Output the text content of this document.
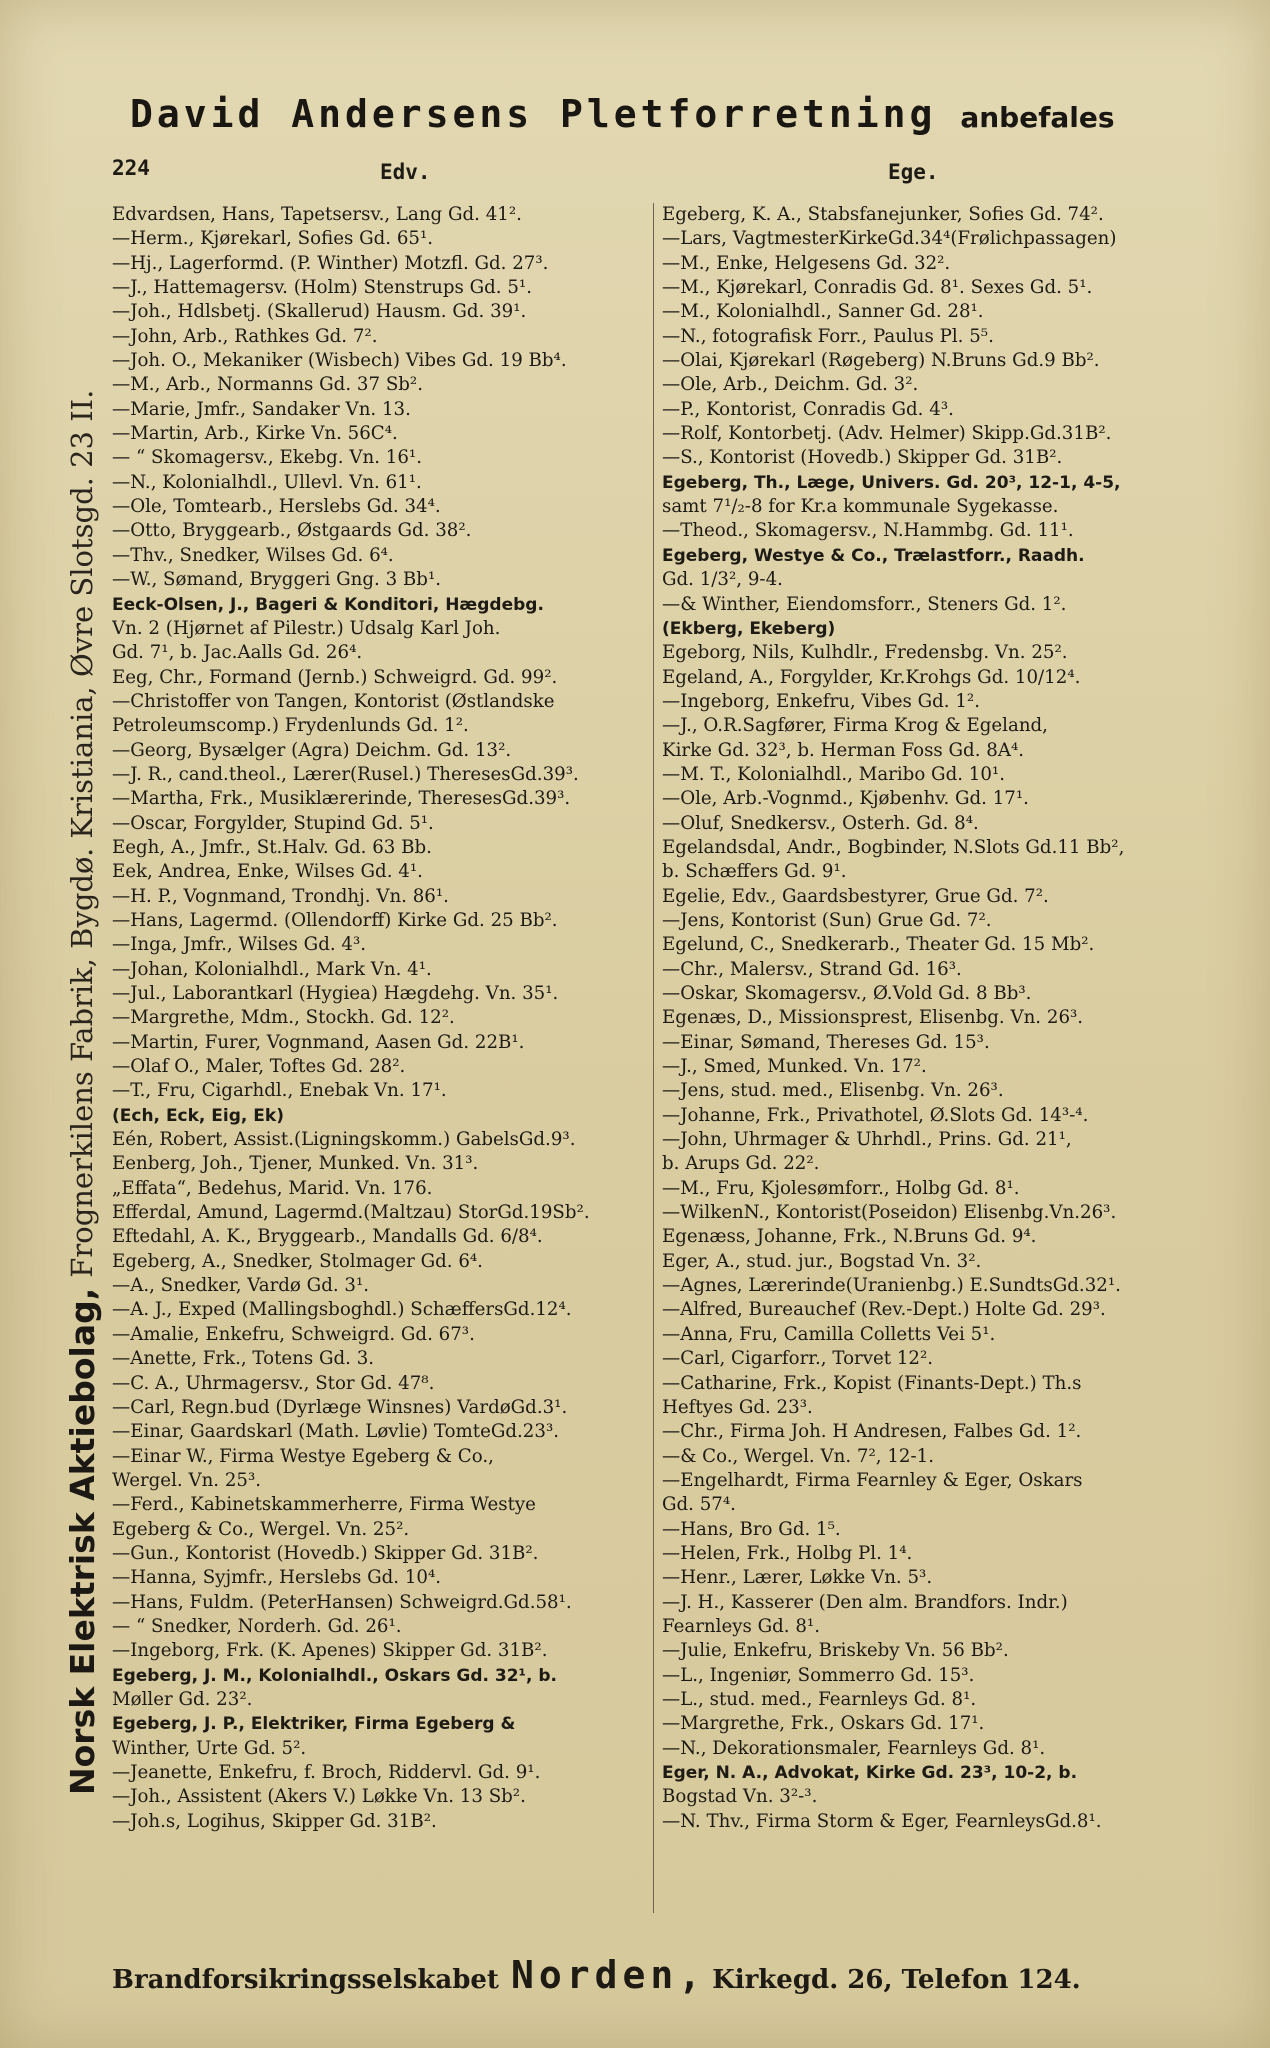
David Andersens Pletforretning anbefales
224	Edv.	Ege.
Norsk Elektrisk Aktiebolag,
Frognerkilens Fabrik, Bygdø. Kristiania, Øvre Slotsgd. 23 II.
Edvardsen, Hans, Tapetsersv., Lang Gd. 41².
—Herm., Kjørekarl, Sofies Gd. 65¹.
—Hj., Lagerformd. (P. Winther) Motzfl. Gd. 27³.
—J., Hattemagersv. (Holm) Stenstrups Gd. 5¹.
—Joh., Hdlsbetj. (Skallerud) Hausm. Gd. 39¹.
—John, Arb., Rathkes Gd. 7².
—Joh. O., Mekaniker (Wisbech) Vibes Gd. 19 Bb⁴.
—M., Arb., Normanns Gd. 37 Sb².
—Marie, Jmfr., Sandaker Vn. 13.
—Martin, Arb., Kirke Vn. 56C⁴.
— “ Skomagersv., Ekebg. Vn. 16¹.
—N., Kolonialhdl., Ullevl. Vn. 61¹.
—Ole, Tomtearb., Herslebs Gd. 34⁴.
—Otto, Bryggearb., Østgaards Gd. 38².
—Thv., Snedker, Wilses Gd. 6⁴.
—W., Sømand, Bryggeri Gng. 3 Bb¹.
Eeck-Olsen, J., Bageri & Konditori, Hægdebg.
Vn. 2 (Hjørnet af Pilestr.) Udsalg Karl Joh.
Gd. 7¹, b. Jac.Aalls Gd. 26⁴.
Eeg, Chr., Formand (Jernb.) Schweigrd. Gd. 99².
—Christoffer von Tangen, Kontorist (Østlandske
Petroleumscomp.) Frydenlunds Gd. 1².
—Georg, Bysælger (Agra) Deichm. Gd. 13².
—J. R., cand.theol., Lærer(Rusel.) TheresesGd.39³.
—Martha, Frk., Musiklærerinde, TheresesGd.39³.
—Oscar, Forgylder, Stupind Gd. 5¹.
Eegh, A., Jmfr., St.Halv. Gd. 63 Bb.
Eek, Andrea, Enke, Wilses Gd. 4¹.
—H. P., Vognmand, Trondhj. Vn. 86¹.
—Hans, Lagermd. (Ollendorff) Kirke Gd. 25 Bb².
—Inga, Jmfr., Wilses Gd. 4³.
—Johan, Kolonialhdl., Mark Vn. 4¹.
—Jul., Laborantkarl (Hygiea) Hægdehg. Vn. 35¹.
—Margrethe, Mdm., Stockh. Gd. 12².
—Martin, Furer, Vognmand, Aasen Gd. 22B¹.
—Olaf O., Maler, Toftes Gd. 28².
—T., Fru, Cigarhdl., Enebak Vn. 17¹.
(Ech, Eck, Eig, Ek)
Eén, Robert, Assist.(Ligningskomm.) GabelsGd.9³.
Eenberg, Joh., Tjener, Munked. Vn. 31³.
„Effata“, Bedehus, Marid. Vn. 176.
Efferdal, Amund, Lagermd.(Maltzau) StorGd.19Sb².
Eftedahl, A. K., Bryggearb., Mandalls Gd. 6/8⁴.
Egeberg, A., Snedker, Stolmager Gd. 6⁴.
—A., Snedker, Vardø Gd. 3¹.
—A. J., Exped (Mallingsboghdl.) SchæffersGd.12⁴.
—Amalie, Enkefru, Schweigrd. Gd. 67³.
—Anette, Frk., Totens Gd. 3.
—C. A., Uhrmagersv., Stor Gd. 47⁸.
—Carl, Regn.bud (Dyrlæge Winsnes) VardøGd.3¹.
—Einar, Gaardskarl (Math. Løvlie) TomteGd.23³.
—Einar W., Firma Westye Egeberg & Co.,
Wergel. Vn. 25³.
—Ferd., Kabinetskammerherre, Firma Westye
Egeberg & Co., Wergel. Vn. 25².
—Gun., Kontorist (Hovedb.) Skipper Gd. 31B².
—Hanna, Syjmfr., Herslebs Gd. 10⁴.
—Hans, Fuldm. (PeterHansen) Schweigrd.Gd.58¹.
— “ Snedker, Norderh. Gd. 26¹.
—Ingeborg, Frk. (K. Apenes) Skipper Gd. 31B².
Egeberg, J. M., Kolonialhdl., Oskars Gd. 32¹, b.
Møller Gd. 23².
Egeberg, J. P., Elektriker, Firma Egeberg &
Winther, Urte Gd. 5².
—Jeanette, Enkefru, f. Broch, Riddervl. Gd. 9¹.
—Joh., Assistent (Akers V.) Løkke Vn. 13 Sb².
—Joh.s, Logihus, Skipper Gd. 31B².
Egeberg, K. A., Stabsfanejunker, Sofies Gd. 74².
—Lars, VagtmesterKirkeGd.34⁴(Frølichpassagen)
—M., Enke, Helgesens Gd. 32².
—M., Kjørekarl, Conradis Gd. 8¹. Sexes Gd. 5¹.
—M., Kolonialhdl., Sanner Gd. 28¹.
—N., fotografisk Forr., Paulus Pl. 5⁵.
—Olai, Kjørekarl (Røgeberg) N.Bruns Gd.9 Bb².
—Ole, Arb., Deichm. Gd. 3².
—P., Kontorist, Conradis Gd. 4³.
—Rolf, Kontorbetj. (Adv. Helmer) Skipp.Gd.31B².
—S., Kontorist (Hovedb.) Skipper Gd. 31B².
Egeberg, Th., Læge, Univers. Gd. 20³, 12-1, 4-5,
samt 7¹/₂-8 for Kr.a kommunale Sygekasse.
—Theod., Skomagersv., N.Hammbg. Gd. 11¹.
Egeberg, Westye & Co., Trælastforr., Raadh.
Gd. 1/3², 9-4.
—& Winther, Eiendomsforr., Steners Gd. 1².
(Ekberg, Ekeberg)
Egeborg, Nils, Kulhdlr., Fredensbg. Vn. 25².
Egeland, A., Forgylder, Kr.Krohgs Gd. 10/12⁴.
—Ingeborg, Enkefru, Vibes Gd. 1².
—J., O.R.Sagfører, Firma Krog & Egeland,
Kirke Gd. 32³, b. Herman Foss Gd. 8A⁴.
—M. T., Kolonialhdl., Maribo Gd. 10¹.
—Ole, Arb.-Vognmd., Kjøbenhv. Gd. 17¹.
—Oluf, Snedkersv., Osterh. Gd. 8⁴.
Egelandsdal, Andr., Bogbinder, N.Slots Gd.11 Bb²,
b. Schæffers Gd. 9¹.
Egelie, Edv., Gaardsbestyrer, Grue Gd. 7².
—Jens, Kontorist (Sun) Grue Gd. 7².
Egelund, C., Snedkerarb., Theater Gd. 15 Mb².
—Chr., Malersv., Strand Gd. 16³.
—Oskar, Skomagersv., Ø.Vold Gd. 8 Bb³.
Egenæs, D., Missionsprest, Elisenbg. Vn. 26³.
—Einar, Sømand, Thereses Gd. 15³.
—J., Smed, Munked. Vn. 17².
—Jens, stud. med., Elisenbg. Vn. 26³.
—Johanne, Frk., Privathotel, Ø.Slots Gd. 14³-⁴.
—John, Uhrmager & Uhrhdl., Prins. Gd. 21¹,
b. Arups Gd. 22².
—M., Fru, Kjolesømforr., Holbg Gd. 8¹.
—WilkenN., Kontorist(Poseidon) Elisenbg.Vn.26³.
Egenæss, Johanne, Frk., N.Bruns Gd. 9⁴.
Eger, A., stud. jur., Bogstad Vn. 3².
—Agnes, Lærerinde(Uranienbg.) E.SundtsGd.32¹.
—Alfred, Bureauchef (Rev.-Dept.) Holte Gd. 29³.
—Anna, Fru, Camilla Colletts Vei 5¹.
—Carl, Cigarforr., Torvet 12².
—Catharine, Frk., Kopist (Finants-Dept.) Th.s
Heftyes Gd. 23³.
—Chr., Firma Joh. H Andresen, Falbes Gd. 1².
—& Co., Wergel. Vn. 7², 12-1.
—Engelhardt, Firma Fearnley & Eger, Oskars
Gd. 57⁴.
—Hans, Bro Gd. 1⁵.
—Helen, Frk., Holbg Pl. 1⁴.
—Henr., Lærer, Løkke Vn. 5³.
—J. H., Kasserer (Den alm. Brandfors. Indr.)
Fearnleys Gd. 8¹.
—Julie, Enkefru, Briskeby Vn. 56 Bb².
—L., Ingeniør, Sommerro Gd. 15³.
—L., stud. med., Fearnleys Gd. 8¹.
—Margrethe, Frk., Oskars Gd. 17¹.
—N., Dekorationsmaler, Fearnleys Gd. 8¹.
Eger, N. A., Advokat, Kirke Gd. 23³, 10-2, b.
Bogstad Vn. 3²-³.
—N. Thv., Firma Storm & Eger, FearnleysGd.8¹.
Brandforsikringsselskabet Norden, Kirkegd. 26, Telefon 124.
